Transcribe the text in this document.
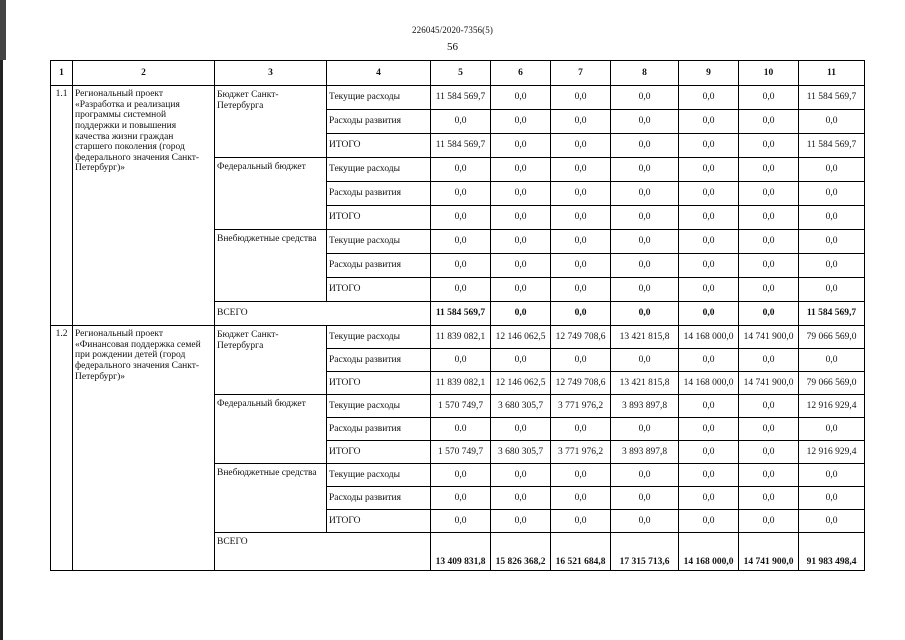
226045/2020-7356(5)
56
1	2	3	4	5	6	7	8	9	10	11
1.1	Региональный проект «Разработка и реализация программы системной поддержки и повышения качества жизни граждан старшего поколения (город федерального значения Санкт-Петербург)»	Бюджет Санкт-Петербурга	Текущие расходы	11 584 569,7	0,0	0,0	0,0	0,0	0,0	11 584 569,7
			Расходы развития	0,0	0,0	0,0	0,0	0,0	0,0	0,0
			ИТОГО	11 584 569,7	0,0	0,0	0,0	0,0	0,0	11 584 569,7
		Федеральный бюджет	Текущие расходы	0,0	0,0	0,0	0,0	0,0	0,0	0,0
			Расходы развития	0,0	0,0	0,0	0,0	0,0	0,0	0,0
			ИТОГО	0,0	0,0	0,0	0,0	0,0	0,0	0,0
		Внебюджетные средства	Текущие расходы	0,0	0,0	0,0	0,0	0,0	0,0	0,0
			Расходы развития	0,0	0,0	0,0	0,0	0,0	0,0	0,0
			ИТОГО	0,0	0,0	0,0	0,0	0,0	0,0	0,0
		ВСЕГО		11 584 569,7	0,0	0,0	0,0	0,0	0,0	11 584 569,7
1.2	Региональный проект «Финансовая поддержка семей при рождении детей (город федерального значения Санкт-Петербург)»	Бюджет Санкт-Петербурга	Текущие расходы	11 839 082,1	12 146 062,5	12 749 708,6	13 421 815,8	14 168 000,0	14 741 900,0	79 066 569,0
			Расходы развития	0,0	0,0	0,0	0,0	0,0	0,0	0,0
			ИТОГО	11 839 082,1	12 146 062,5	12 749 708,6	13 421 815,8	14 168 000,0	14 741 900,0	79 066 569,0
		Федеральный бюджет	Текущие расходы	1 570 749,7	3 680 305,7	3 771 976,2	3 893 897,8	0,0	0,0	12 916 929,4
			Расходы развития	0.0	0,0	0,0	0,0	0,0	0,0	0,0
			ИТОГО	1 570 749,7	3 680 305,7	3 771 976,2	3 893 897,8	0,0	0,0	12 916 929,4
		Внебюджетные средства	Текущие расходы	0,0	0,0	0,0	0,0	0,0	0,0	0,0
			Расходы развития	0,0	0,0	0,0	0,0	0,0	0,0	0,0
			ИТОГО	0,0	0,0	0,0	0,0	0,0	0,0	0,0
		ВСЕГО		13 409 831,8	15 826 368,2	16 521 684,8	17 315 713,6	14 168 000,0	14 741 900,0	91 983 498,4
